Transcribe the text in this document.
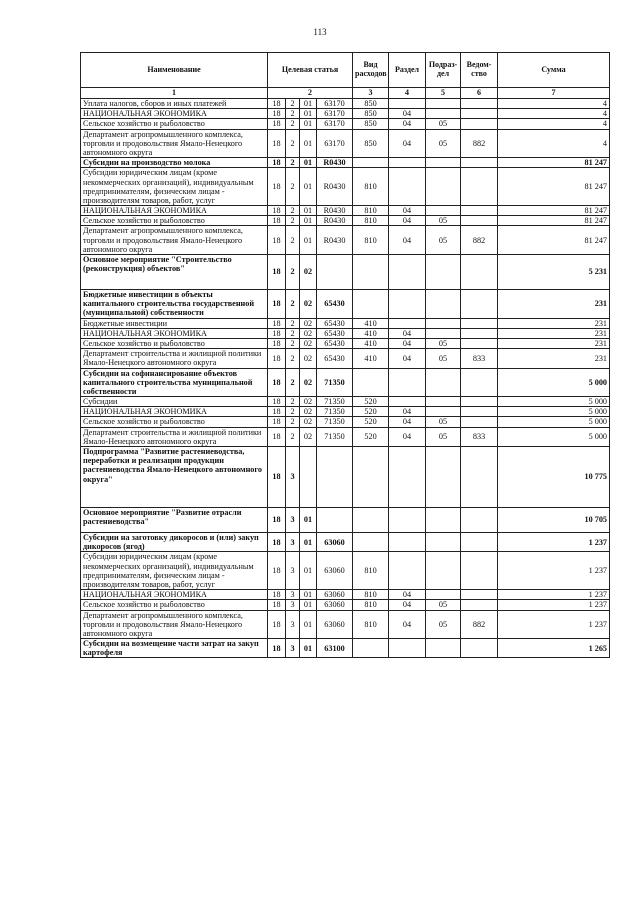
113
Наименование	Целевая статья				Вид расходов	Раздел	Подраз-дел	Ведом-ство	Сумма
1	2				3	4	5	6	7
Уплата налогов, сборов и иных платежей	18	2	01	63170	850				4
НАЦИОНАЛЬНАЯ ЭКОНОМИКА	18	2	01	63170	850	04			4
Сельское хозяйство и рыболовство	18	2	01	63170	850	04	05		4
Департамент агропромышленного комплекса, торговли и продовольствия Ямало-Ненецкого автономного округа	18	2	01	63170	850	04	05	882	4
Субсидии на производство молока	18	2	01	R0430					81 247
Субсидии юридическим лицам (кроме некоммерческих организаций), индивидуальным предпринимателям, физическим лицам - производителям товаров, работ, услуг	18	2	01	R0430	810				81 247
НАЦИОНАЛЬНАЯ ЭКОНОМИКА	18	2	01	R0430	810	04			81 247
Сельское хозяйство и рыболовство	18	2	01	R0430	810	04	05		81 247
Департамент агропромышленного комплекса, торговли и продовольствия Ямало-Ненецкого автономного округа	18	2	01	R0430	810	04	05	882	81 247
Основное мероприятие "Строительство (реконструкция) объектов"	18	2	02						5 231
Бюджетные инвестиции в объекты капитального строительства государственной (муниципальной) собственности	18	2	02	65430					231
Бюджетные инвестиции	18	2	02	65430	410				231
НАЦИОНАЛЬНАЯ ЭКОНОМИКА	18	2	02	65430	410	04			231
Сельское хозяйство и рыболовство	18	2	02	65430	410	04	05		231
Департамент строительства и жилищной политики Ямало-Ненецкого автономного округа	18	2	02	65430	410	04	05	833	231
Субсидии на софинансирование объектов капитального строительства муниципальной собственности	18	2	02	71350					5 000
Субсидии	18	2	02	71350	520				5 000
НАЦИОНАЛЬНАЯ ЭКОНОМИКА	18	2	02	71350	520	04			5 000
Сельское хозяйство и рыболовство	18	2	02	71350	520	04	05		5 000
Департамент строительства и жилищной политики Ямало-Ненецкого автономного округа	18	2	02	71350	520	04	05	833	5 000
Подпрограмма "Развитие растениеводства, переработки и реализации продукции растениеводства Ямало-Ненецкого автономного округа"	18	3							10 775
Основное мероприятие "Развитие отрасли растениеводства"	18	3	01						10 705
Субсидии на заготовку дикоросов и (или) закуп дикоросов (ягод)	18	3	01	63060					1 237
Субсидии юридическим лицам (кроме некоммерческих организаций), индивидуальным предпринимателям, физическим лицам - производителям товаров, работ, услуг	18	3	01	63060	810				1 237
НАЦИОНАЛЬНАЯ ЭКОНОМИКА	18	3	01	63060	810	04			1 237
Сельское хозяйство и рыболовство	18	3	01	63060	810	04	05		1 237
Департамент агропромышленного комплекса, торговли и продовольствия Ямало-Ненецкого автономного округа	18	3	01	63060	810	04	05	882	1 237
Субсидии на возмещение части затрат на закуп картофеля	18	3	01	63100					1 265
